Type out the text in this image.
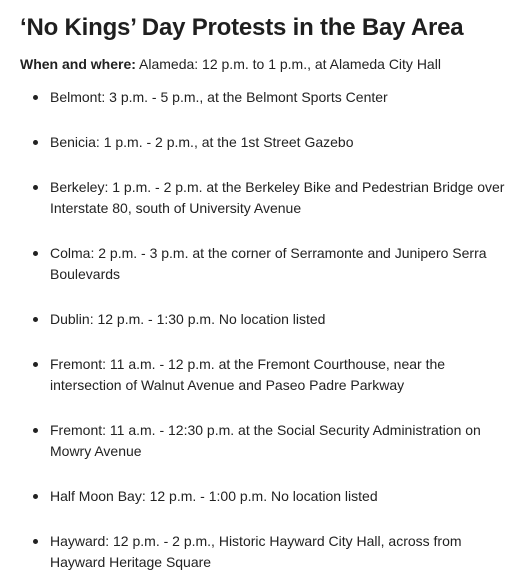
‘No Kings’ Day Protests in the Bay Area

When and where: Alameda: 12 p.m. to 1 p.m., at Alameda City Hall

Belmont: 3 p.m. - 5 p.m., at the Belmont Sports Center
Benicia: 1 p.m. - 2 p.m., at the 1st Street Gazebo
Berkeley: 1 p.m. - 2 p.m. at the Berkeley Bike and Pedestrian Bridge over Interstate 80, south of University Avenue
Colma: 2 p.m. - 3 p.m. at the corner of Serramonte and Junipero Serra Boulevards
Dublin: 12 p.m. - 1:30 p.m. No location listed
Fremont: 11 a.m. - 12 p.m. at the Fremont Courthouse, near the intersection of Walnut Avenue and Paseo Padre Parkway
Fremont: 11 a.m. - 12:30 p.m. at the Social Security Administration on Mowry Avenue
Half Moon Bay: 12 p.m. - 1:00 p.m. No location listed
Hayward: 12 p.m. - 2 p.m., Historic Hayward City Hall, across from Hayward Heritage Square
